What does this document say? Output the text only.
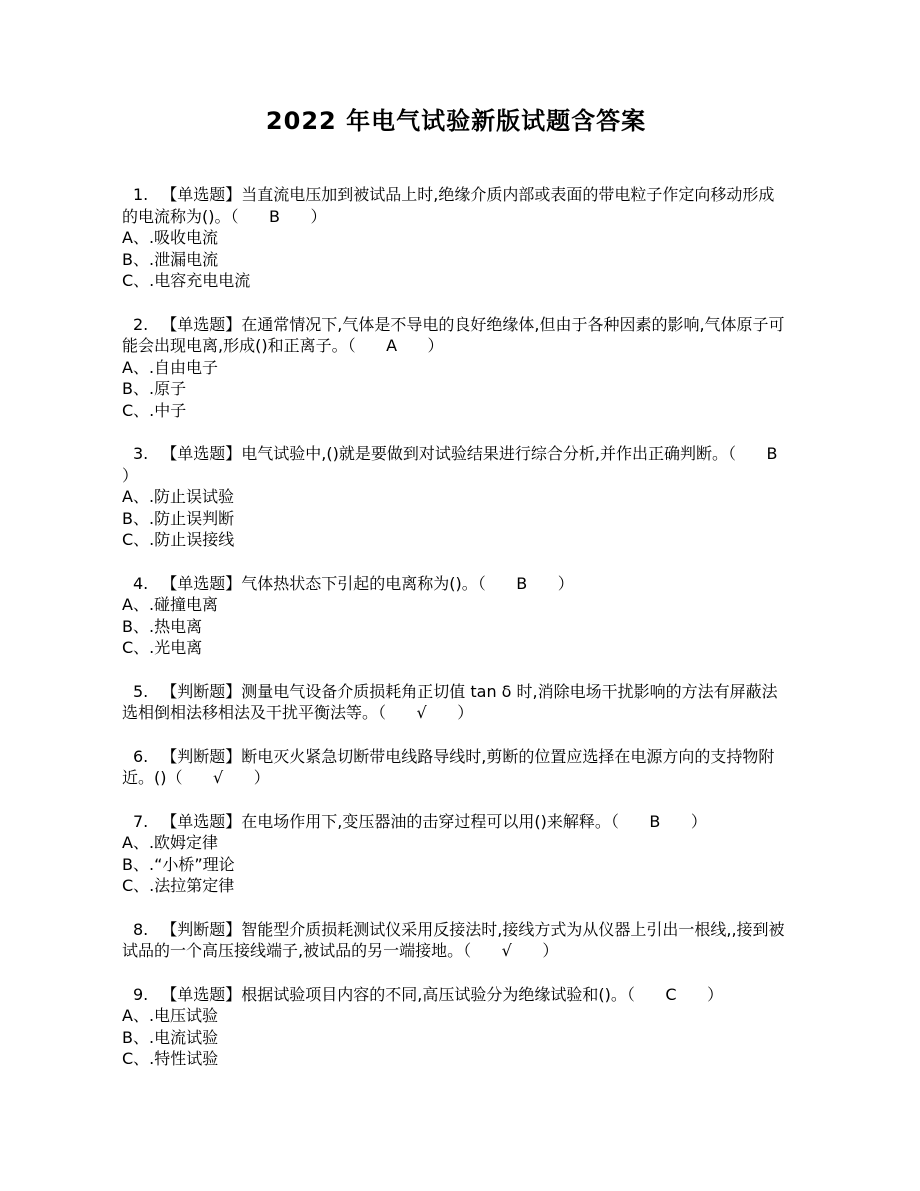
2022 年电气试验新版试题含答案

1. 【单选题】当直流电压加到被试品上时,绝缘介质内部或表面的带电粒子作定向移动形成的电流称为()。（      B      ）

A、.吸收电流
B、.泄漏电流
C、.电容充电电流

2. 【单选题】在通常情况下,气体是不导电的良好绝缘体,但由于各种因素的影响,气体原子可能会出现电离,形成()和正离子。（      A      ）

A、.自由电子
B、.原子
C、.中子

3. 【单选题】电气试验中,()就是要做到对试验结果进行综合分析,并作出正确判断。（      B      ）

A、.防止误试验
B、.防止误判断
C、.防止误接线

4. 【单选题】气体热状态下引起的电离称为()。（      B      ）

A、.碰撞电离
B、.热电离
C、.光电离

5. 【判断题】测量电气设备介质损耗角正切值 tan δ 时,消除电场干扰影响的方法有屏蔽法选相倒相法移相法及干扰平衡法等。（      √      ）

6. 【判断题】断电灭火紧急切断带电线路导线时,剪断的位置应选择在电源方向的支持物附近。()（      √      ）

7. 【单选题】在电场作用下,变压器油的击穿过程可以用()来解释。（      B      ）

A、.欧姆定律
B、.“小桥”理论
C、.法拉第定律

8. 【判断题】智能型介质损耗测试仪采用反接法时,接线方式为从仪器上引出一根线,,接到被试品的一个高压接线端子,被试品的另一端接地。（      √      ）

9. 【单选题】根据试验项目内容的不同,高压试验分为绝缘试验和()。（      C      ）

A、.电压试验
B、.电流试验
C、.特性试验
